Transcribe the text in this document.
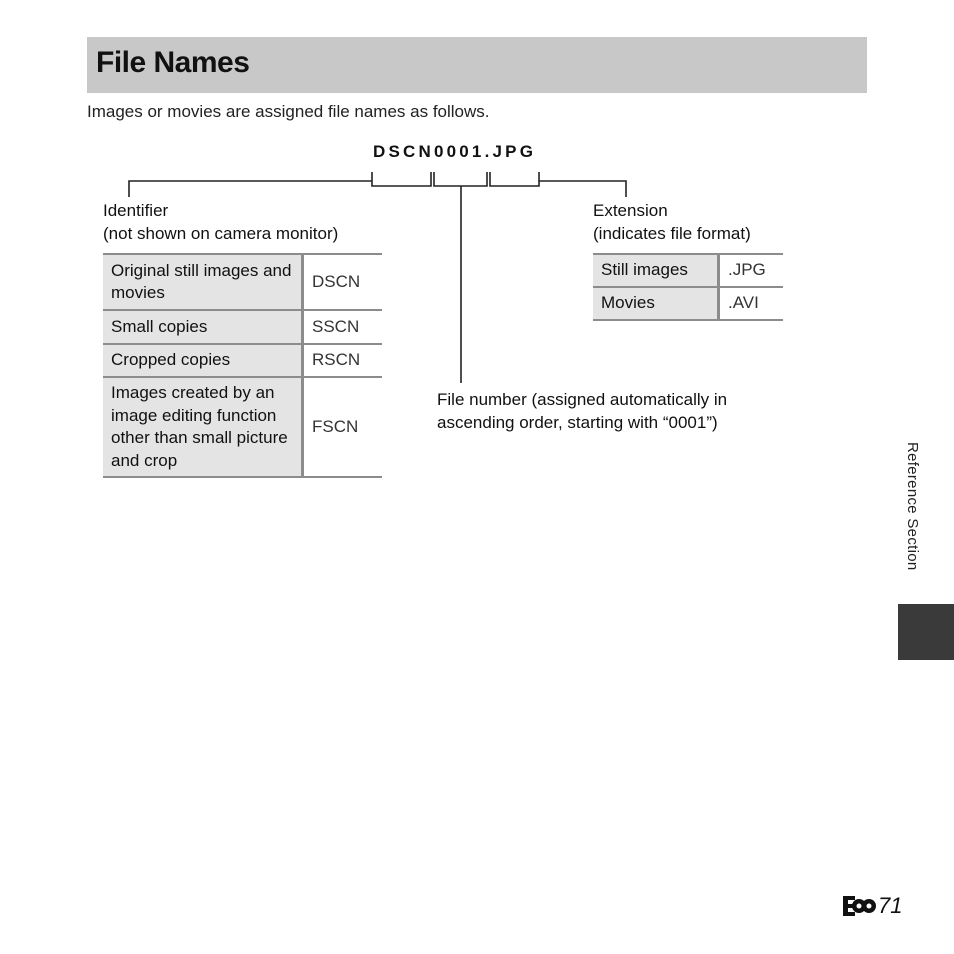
File Names
Images or movies are assigned file names as follows.
DSCN0001.JPG
Identifier
(not shown on camera monitor)
Extension
(indicates file format)
Original still images and movies	DSCN
Small copies	SSCN
Cropped copies	RSCN
Images created by an image editing function other than small picture and crop	FSCN
Still images	.JPG
Movies	.AVI
File number (assigned automatically in
ascending order, starting with “0001”)
Reference Section
71
